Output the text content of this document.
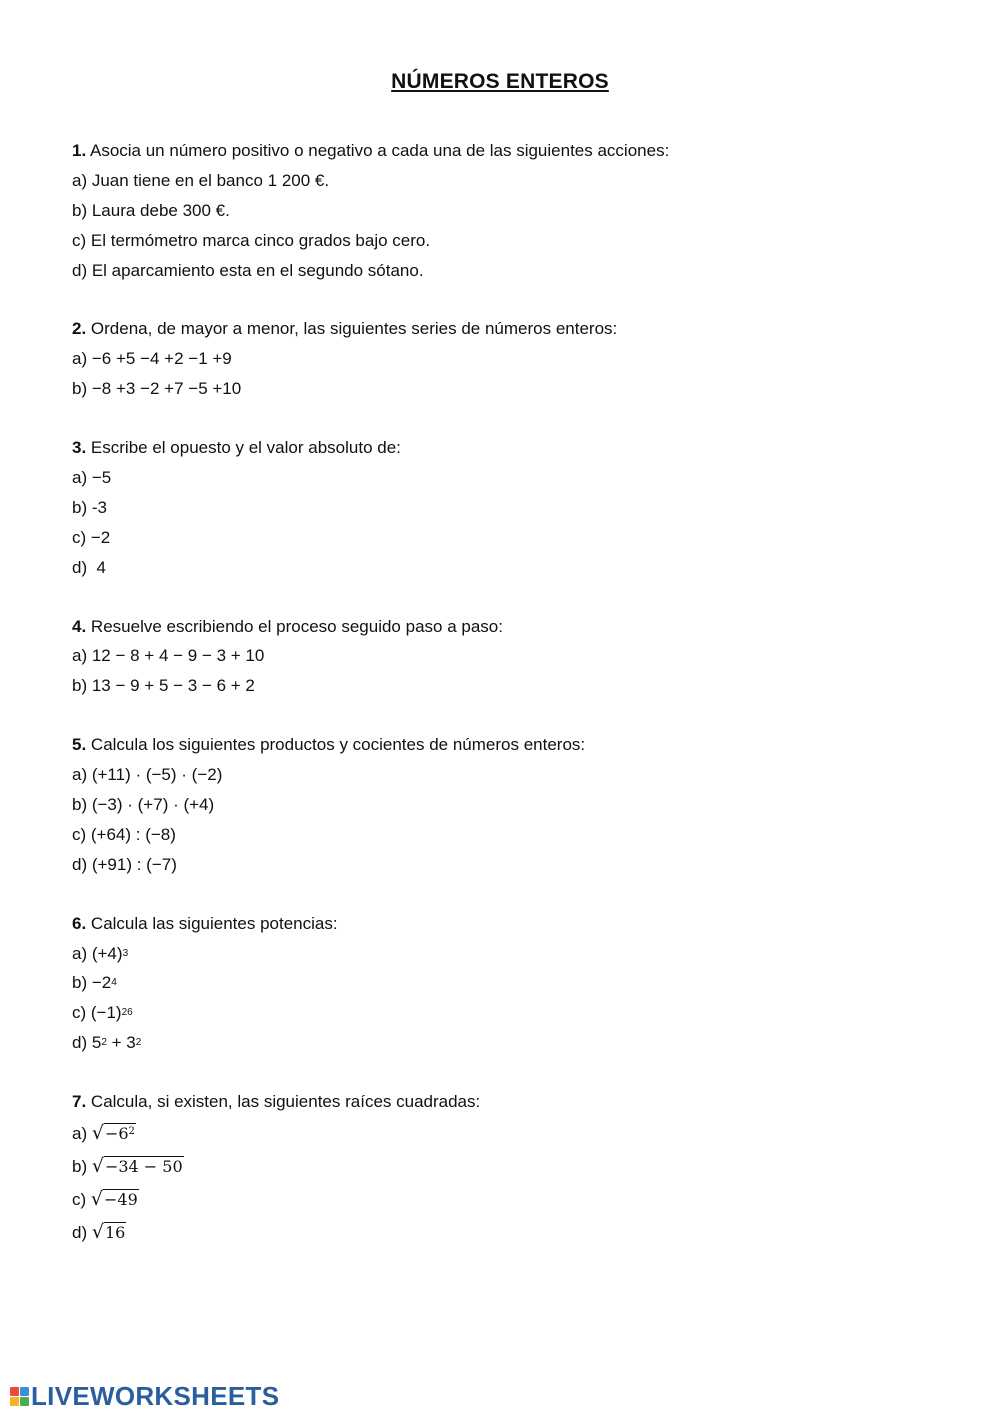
NÚMEROS ENTEROS
1. Asocia un número positivo o negativo a cada una de las siguientes acciones:
a) Juan tiene en el banco 1 200 €.
b) Laura debe 300 €.
c) El termómetro marca cinco grados bajo cero.
d) El aparcamiento esta en el segundo sótano.
2. Ordena, de mayor a menor, las siguientes series de números enteros:
a) −6 +5 −4 +2 −1 +9
b) −8 +3 −2 +7 −5 +10
3. Escribe el opuesto y el valor absoluto de:
a) −5
b) -3
c) −2
d)  4
4. Resuelve escribiendo el proceso seguido paso a paso:
a) 12 − 8 + 4 − 9 − 3 + 10
b) 13 − 9 + 5 − 3 − 6 + 2
5. Calcula los siguientes productos y cocientes de números enteros:
a) (+11) · (−5) · (−2)
b) (−3) · (+7) · (+4)
c) (+64) : (−8)
d) (+91) : (−7)
6. Calcula las siguientes potencias:
a) $(+4)^3$
$b) -2^4$
c) $(-1)^{26}$
d) $5^2 + 3^2$
7. Calcula, si existen, las siguientes raíces cuadradas:
a) $√-6^2$
b) √−34 − 50
c) √−49
d) √16
LIVEWORKSHEETS
